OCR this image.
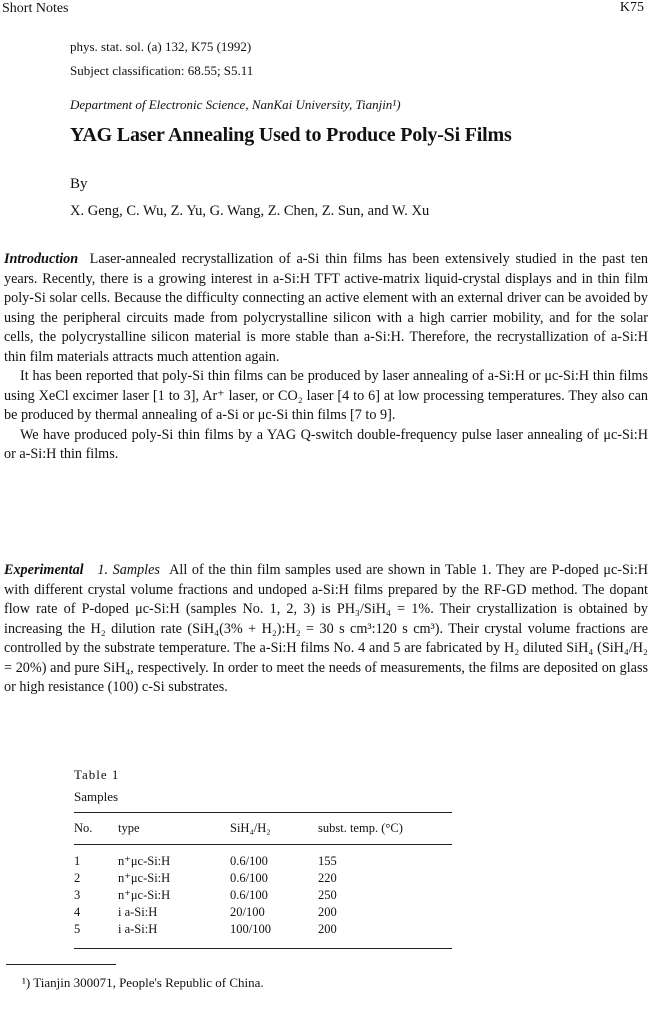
Short Notes	K75
phys. stat. sol. (a) 132, K75 (1992)
Subject classification: 68.55; S5.11
Department of Electronic Science, NanKai University, Tianjin¹)
YAG Laser Annealing Used to Produce Poly-Si Films
By
X. Geng, C. Wu, Z. Yu, G. Wang, Z. Chen, Z. Sun, and W. Xu

Introduction Laser-annealed recrystallization of a-Si thin films has been extensively studied in the past ten years. Recently, there is a growing interest in a-Si:H TFT active-matrix liquid-crystal displays and in thin film poly-Si solar cells. Because the difficulty connecting an active element with an external driver can be avoided by using the peripheral circuits made from polycrystalline silicon with a high carrier mobility, and for the solar cells, the polycrystalline silicon material is more stable than a-Si:H. Therefore, the recrystallization of a-Si:H thin film materials attracts much attention again.

It has been reported that poly-Si thin films can be produced by laser annealing of a-Si:H or μc-Si:H thin films using XeCl excimer laser [1 to 3], Ar⁺ laser, or CO₂ laser [4 to 6] at low processing temperatures. They also can be produced by thermal annealing of a-Si or μc-Si thin films [7 to 9].

We have produced poly-Si thin films by a YAG Q-switch double-frequency pulse laser annealing of μc-Si:H or a-Si:H thin films.

Experimental 1. Samples All of the thin film samples used are shown in Table 1. They are P-doped μc-Si:H with different crystal volume fractions and undoped a-Si:H films prepared by the RF-GD method. The dopant flow rate of P-doped μc-Si:H (samples No. 1, 2, 3) is PH₃/SiH₄ = 1%. Their crystallization is obtained by increasing the H₂ dilution rate (SiH₄(3% + H₂):H₂ = 30 s cm³:120 s cm³). Their crystal volume fractions are controlled by the substrate temperature. The a-Si:H films No. 4 and 5 are fabricated by H₂ diluted SiH₄ (SiH₄/H₂ = 20%) and pure SiH₄, respectively. In order to meet the needs of measurements, the films are deposited on glass or high resistance (100) c-Si substrates.

Table 1
Samples
No.	type	SiH₄/H₂	subst. temp. (°C)
1	n⁺μc-Si:H	0.6/100	155
2	n⁺μc-Si:H	0.6/100	220
3	n⁺μc-Si:H	0.6/100	250
4	i a-Si:H	20/100	200
5	i a-Si:H	100/100	200
¹) Tianjin 300071, People's Republic of China.
